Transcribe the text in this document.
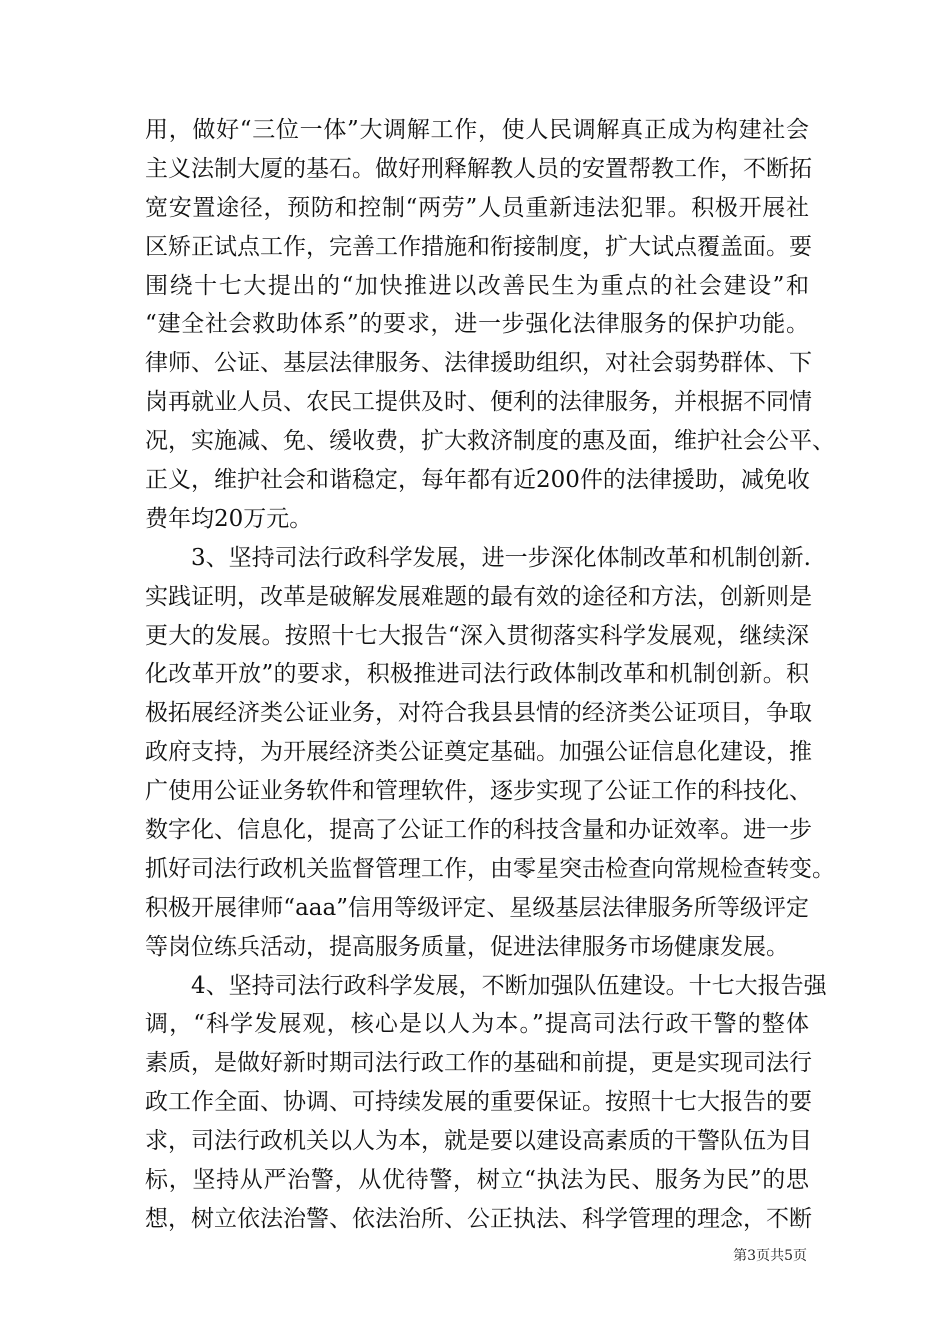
用，做好“三位一体”大调解工作，使人民调解真正成为构建社会
主义法制大厦的基石。做好刑释解教人员的安置帮教工作，不断拓
宽安置途径，预防和控制“两劳”人员重新违法犯罪。积极开展社
区矫正试点工作，完善工作措施和衔接制度，扩大试点覆盖面。要
围绕十七大提出的“加快推进以改善民生为重点的社会建设”和
“建全社会救助体系”的要求，进一步强化法律服务的保护功能。
律师、公证、基层法律服务、法律援助组织，对社会弱势群体、下
岗再就业人员、农民工提供及时、便利的法律服务，并根据不同情
况，实施减、免、缓收费，扩大救济制度的惠及面，维护社会公平、
正义，维护社会和谐稳定，每年都有近200件的法律援助，减免收
费年均20万元。
3、坚持司法行政科学发展，进一步深化体制改革和机制创新.
实践证明，改革是破解发展难题的最有效的途径和方法，创新则是
更大的发展。按照十七大报告“深入贯彻落实科学发展观，继续深
化改革开放”的要求，积极推进司法行政体制改革和机制创新。积
极拓展经济类公证业务，对符合我县县情的经济类公证项目，争取
政府支持，为开展经济类公证奠定基础。加强公证信息化建设，推
广使用公证业务软件和管理软件，逐步实现了公证工作的科技化、
数字化、信息化，提高了公证工作的科技含量和办证效率。进一步
抓好司法行政机关监督管理工作，由零星突击检查向常规检查转变。
积极开展律师“aaa”信用等级评定、星级基层法律服务所等级评定
等岗位练兵活动，提高服务质量，促进法律服务市场健康发展。
4、坚持司法行政科学发展，不断加强队伍建设。十七大报告强
调，“科学发展观，核心是以人为本。”提高司法行政干警的整体
素质，是做好新时期司法行政工作的基础和前提，更是实现司法行
政工作全面、协调、可持续发展的重要保证。按照十七大报告的要
求，司法行政机关以人为本，就是要以建设高素质的干警队伍为目
标，坚持从严治警，从优待警，树立“执法为民、服务为民”的思
想，树立依法治警、依法治所、公正执法、科学管理的理念，不断
第3页共5页
